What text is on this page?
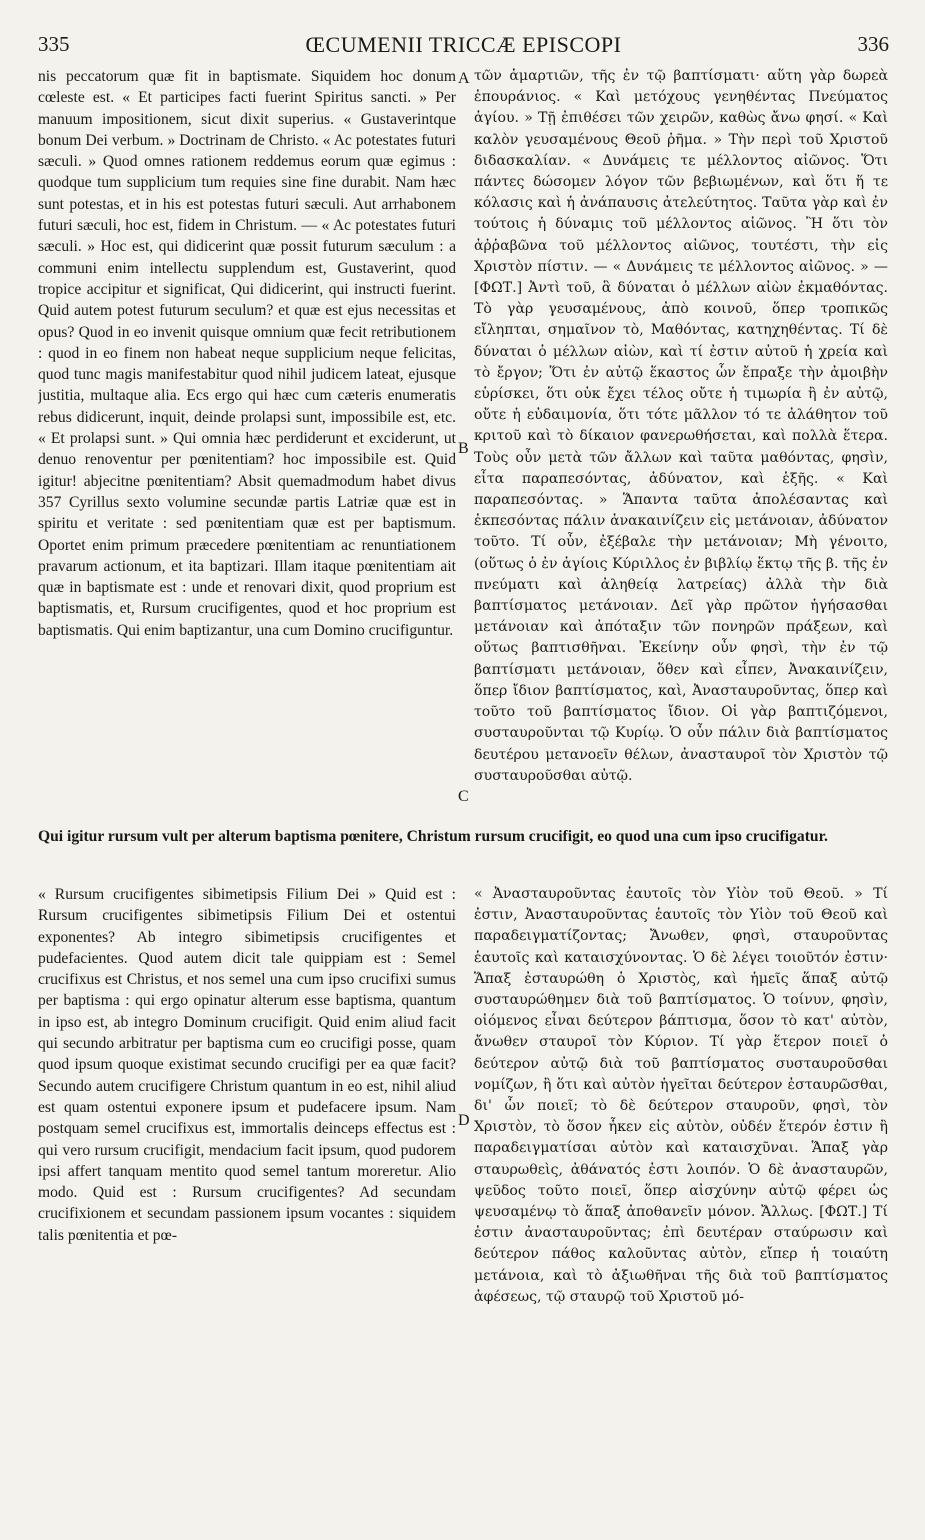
335	ŒCUMENII TRICCÆ EPISCOPI	336

nis peccatorum quæ fit in baptismate. Siquidem hoc donum cœleste est. « Et participes facti fuerint Spiritus sancti. » Per manuum impositionem, sicut dixit superius. « Gustaverintque bonum Dei verbum. » Doctrinam de Christo. « Ac potestates futuri sæculi. » Quod omnes rationem reddemus eorum quæ egimus : quodque tum supplicium tum requies sine fine durabit. Nam hæc sunt potestas, et in his est potestas futuri sæculi. Aut arrhabonem futuri sæculi, hoc est, fidem in Christum. — « Ac potestates futuri sæculi. » Hoc est, qui didicerint quæ possit futurum sæculum : a communi enim intellectu supplendum est, Gustaverint, quod tropice accipitur et significat, Qui didicerint, qui instructi fuerint. Quid autem potest futurum seculum? et quæ est ejus necessitas et opus? Quod in eo invenit quisque omnium quæ fecit retributionem : quod in eo finem non habeat neque supplicium neque felicitas, quod tunc magis manifestabitur quod nihil judicem lateat, ejusque justitia, multaque alia. Ecs ergo qui hæc cum cæteris enumeratis rebus didicerunt, inquit, deinde prolapsi sunt, impossibile est, etc. « Et prolapsi sunt. » Qui omnia hæc perdiderunt et exciderunt, ut denuo renoventur per pœnitentiam? hoc impossibile est. Quid igitur! abjecitne pœnitentiam? Absit quemadmodum habet divus 357 Cyrillus sexto volumine secundæ partis Latriæ quæ est in spiritu et veritate : sed pœnitentiam quæ est per baptismum. Oportet enim primum præcedere pœnitentiam ac renuntiationem pravarum actionum, et ita baptizari. Illam itaque pœnitentiam ait quæ in baptismate est : unde et renovari dixit, quod proprium est baptismatis, et, Rursum crucifigentes, quod et hoc proprium est baptismatis. Qui enim baptizantur, una cum Domino crucifiguntur.

A
B
C
D

τῶν ἁμαρτιῶν, τῆς ἐν τῷ βαπτίσματι· αὕτη γὰρ δωρεὰ ἐπουράνιος. « Καὶ μετόχους γενηθέντας Πνεύματος ἁγίου. » Τῇ ἐπιθέσει τῶν χειρῶν, καθὼς ἄνω φησί. « Καὶ καλὸν γευσαμένους Θεοῦ ῥῆμα. » Τὴν περὶ τοῦ Χριστοῦ διδασκαλίαν. « Δυνάμεις τε μέλλοντος αἰῶνος. Ὅτι πάντες δώσομεν λόγον τῶν βεβιωμένων, καὶ ὅτι ἥ τε κόλασις καὶ ἡ ἀνάπαυσις ἀτελεύτητος. Ταῦτα γὰρ καὶ ἐν τούτοις ἡ δύναμις τοῦ μέλλοντος αἰῶνος. Ἢ ὅτι τὸν ἀῤῥαβῶνα τοῦ μέλλοντος αἰῶνος, τουτέστι, τὴν εἰς Χριστὸν πίστιν. — « Δυνάμεις τε μέλλοντος αἰῶνος. » — [ΦΩΤ.] Ἀντὶ τοῦ, ἃ δύναται ὁ μέλλων αἰὼν ἐκμαθόντας. Τὸ γὰρ γευσαμένους, ἀπὸ κοινοῦ, ὅπερ τροπικῶς εἴληπται, σημαῖνον τὸ, Μαθόντας, κατηχηθέντας. Τί δὲ δύναται ὁ μέλλων αἰὼν, καὶ τί ἐστιν αὐτοῦ ἡ χρεία καὶ τὸ ἔργον; Ὅτι ἐν αὐτῷ ἕκαστος ὧν ἔπραξε τὴν ἀμοιβὴν εὑρίσκει, ὅτι οὐκ ἔχει τέλος οὔτε ἡ τιμωρία ἢ ἐν αὐτῷ, οὔτε ἡ εὐδαιμονία, ὅτι τότε μᾶλλον τό τε ἀλάθητον τοῦ κριτοῦ καὶ τὸ δίκαιον φανερωθήσεται, καὶ πολλὰ ἕτερα. Τοὺς οὖν μετὰ τῶν ἄλλων καὶ ταῦτα μαθόντας, φησὶν, εἶτα παραπεσόντας, ἀδύνατον, καὶ ἑξῆς. « Καὶ παραπεσόντας. » Ἅπαντα ταῦτα ἀπολέσαντας καὶ ἐκπεσόντας πάλιν ἀνακαινίζειν εἰς μετάνοιαν, ἀδύνατον τοῦτο. Τί οὖν, ἐξέβαλε τὴν μετάνοιαν; Μὴ γένοιτο, (οὕτως ὁ ἐν ἁγίοις Κύριλλος ἐν βιβλίῳ ἕκτῳ τῆς β. τῆς ἐν πνεύματι καὶ ἀληθείᾳ λατρείας) ἀλλὰ τὴν διὰ βαπτίσματος μετάνοιαν. Δεῖ γὰρ πρῶτον ἡγήσασθαι μετάνοιαν καὶ ἀπόταξιν τῶν πονηρῶν πράξεων, καὶ οὕτως βαπτισθῆναι. Ἐκείνην οὖν φησὶ, τὴν ἐν τῷ βαπτίσματι μετάνοιαν, ὅθεν καὶ εἶπεν, Ἀνακαινίζειν, ὅπερ ἴδιον βαπτίσματος, καὶ, Ἀνασταυροῦντας, ὅπερ καὶ τοῦτο τοῦ βαπτίσματος ἴδιον. Οἱ γὰρ βαπτιζόμενοι, συσταυροῦνται τῷ Κυρίῳ. Ὁ οὖν πάλιν διὰ βαπτίσματος δευτέρου μετανοεῖν θέλων, ἀνασταυροῖ τὸν Χριστὸν τῷ συσταυροῦσθαι αὐτῷ.

Qui igitur rursum vult per alterum baptisma pœnitere, Christum rursum crucifigit, eo quod una cum ipso crucifigatur.

« Rursum crucifigentes sibimetipsis Filium Dei » Quid est : Rursum crucifigentes sibimetipsis Filium Dei et ostentui exponentes? Ab integro sibimetipsis crucifigentes et pudefacientes. Quod autem dicit tale quippiam est : Semel crucifixus est Christus, et nos semel una cum ipso crucifixi sumus per baptisma : qui ergo opinatur alterum esse baptisma, quantum in ipso est, ab integro Dominum crucifigit. Quid enim aliud facit qui secundo arbitratur per baptisma cum eo crucifigi posse, quam quod ipsum quoque existimat secundo crucifigi per ea quæ facit? Secundo autem crucifigere Christum quantum in eo est, nihil aliud est quam ostentui exponere ipsum et pudefacere ipsum. Nam postquam semel crucifixus est, immortalis deinceps effectus est : qui vero rursum crucifigit, mendacium facit ipsum, quod pudorem ipsi affert tanquam mentito quod semel tantum moreretur. Alio modo. Quid est : Rursum crucifigentes? Ad secundam crucifixionem et secundam passionem ipsum vocantes : siquidem talis pœnitentia et pœ-

« Ἀνασταυροῦντας ἑαυτοῖς τὸν Υἱὸν τοῦ Θεοῦ. » Τί ἐστιν, Ἀνασταυροῦντας ἑαυτοῖς τὸν Υἱὸν τοῦ Θεοῦ καὶ παραδειγματίζοντας; Ἄνωθεν, φησὶ, σταυροῦντας ἑαυτοῖς καὶ καταισχύνοντας. Ὁ δὲ λέγει τοιοῦτόν ἐστιν· Ἅπαξ ἐσταυρώθη ὁ Χριστὸς, καὶ ἡμεῖς ἅπαξ αὐτῷ συσταυρώθημεν διὰ τοῦ βαπτίσματος. Ὁ τοίνυν, φησὶν, οἰόμενος εἶναι δεύτερον βάπτισμα, ὅσον τὸ κατ' αὐτὸν, ἄνωθεν σταυροῖ τὸν Κύριον. Τί γὰρ ἕτερον ποιεῖ ὁ δεύτερον αὐτῷ διὰ τοῦ βαπτίσματος συσταυροῦσθαι νομίζων, ἢ ὅτι καὶ αὐτὸν ἡγεῖται δεύτερον ἐσταυρῶσθαι, δι' ὧν ποιεῖ; τὸ δὲ δεύτερον σταυροῦν, φησὶ, τὸν Χριστὸν, τὸ ὅσον ἧκεν εἰς αὐτὸν, οὐδέν ἕτερόν ἐστιν ἢ παραδειγματίσαι αὐτὸν καὶ καταισχῦναι. Ἅπαξ γὰρ σταυρωθεὶς, ἀθάνατός ἐστι λοιπόν. Ὁ δὲ ἀνασταυρῶν, ψεῦδος τοῦτο ποιεῖ, ὅπερ αἰσχύνην αὐτῷ φέρει ὡς ψευσαμένῳ τὸ ἅπαξ ἀποθανεῖν μόνον. Ἄλλως. [ΦΩΤ.] Τί ἐστιν ἀνασταυροῦντας; ἐπὶ δευτέραν σταύρωσιν καὶ δεύτερον πάθος καλοῦντας αὐτὸν, εἴπερ ἡ τοιαύτη μετάνοια, καὶ τὸ ἀξιωθῆναι τῆς διὰ τοῦ βαπτίσματος ἀφέσεως, τῷ σταυρῷ τοῦ Χριστοῦ μό-
